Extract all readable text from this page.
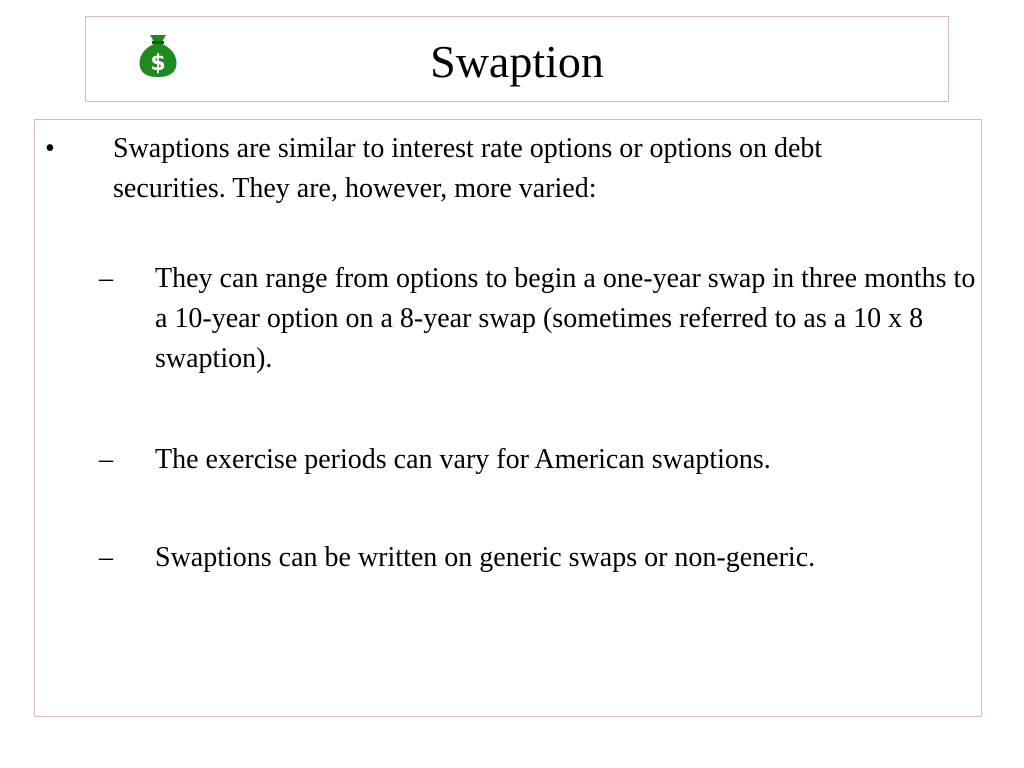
Swaption
$
• Swaptions are similar to interest rate options or options on debt securities. They are, however, more varied:
– They can range from options to begin a one-year swap in three months to a 10-year option on a 8-year swap (sometimes referred to as a 10 x 8 swaption).
– The exercise periods can vary for American swaptions.
– Swaptions can be written on generic swaps or non-generic.
